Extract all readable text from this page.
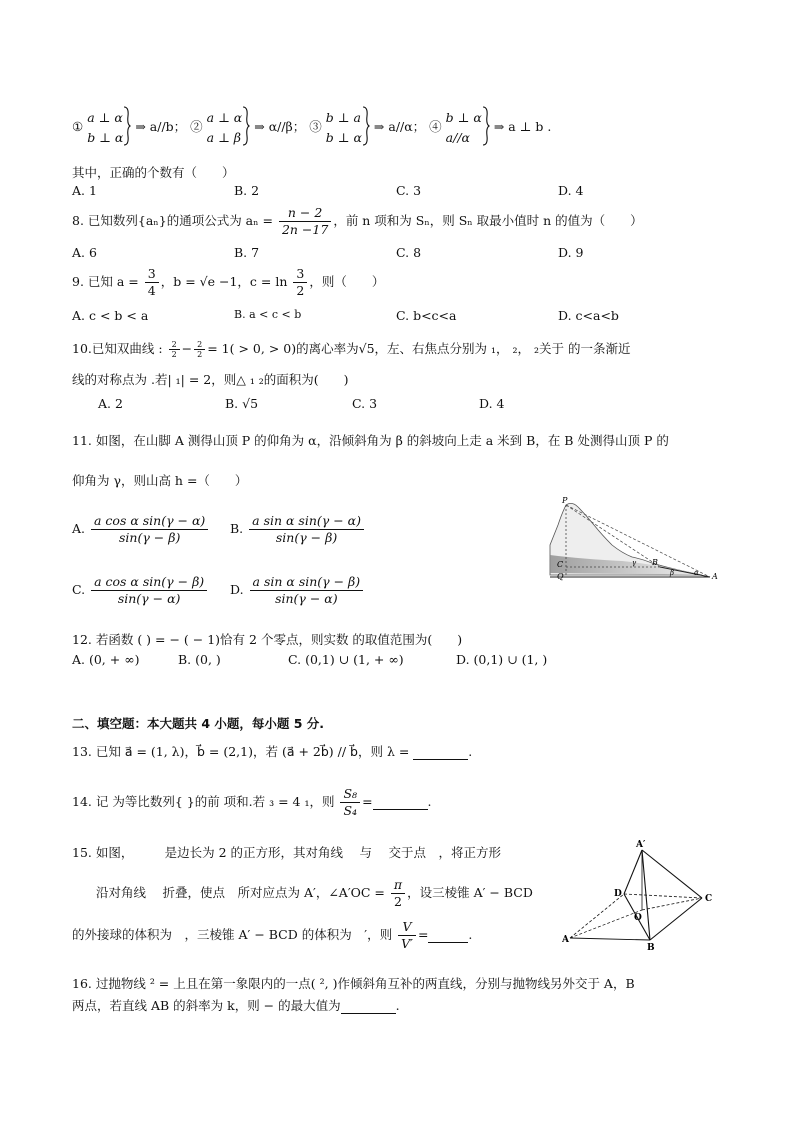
①
a ⊥ α
b ⊥ α
⇒ a//b； ②
a ⊥ α
a ⊥ β
⇒ α//β； ③
b ⊥ a
b ⊥ α
⇒ a//α； ④
b ⊥ α
a//α
⇒ a ⊥ b .
其中，正确的个数有（　　）
A. 1	B. 2	C. 3	D. 4
8. 已知数列{aₙ}的通项公式为 $a_n = \frac{n - 2}{2n -17}$ ，前 n 项和为 Sₙ，则 Sₙ 取最小值时 n 的值为（　　）
A. 6	B. 7	C. 8	D. 9
9. 已知 $a = \frac{3}{4}$ ，b = √e −1，$c = \ln \frac{3}{2}$ ，则（　　）
A. c < b < a	B. a < c < b	C. b<c<a	D. c<a<b
10.已知双曲线 : $\frac{2}{2} - \frac{2}{2} = 1( > 0$, > 0)的离心率为√5，左、右焦点分别为 ₁， ₂， ₂关于 的一条渐近
线的对称点为 .若| ₁| = 2，则△ ₁ ₂的面积为(　　)
A. 2	B. √5	C. 3	D. 4
11. 如图，在山脚 A 测得山顶 P 的仰角为 α，沿倾斜角为 β 的斜坡向上走 a 米到 B，在 B 处测得山顶 P 的
仰角为 γ，则山高 h =（　　）
A. $\frac{\text{a cos α sin(γ − α)}}{\sin(\gamma - \beta)} B$. $\frac{\text{a sin α sin(γ − α)}}{\sin(\gamma - \beta)}$
C. $\frac{\text{a cos α sin(γ − β)}}{\sin(\gamma - \alpha)} D$. $\frac{\text{a sin α sin(γ − β)}}{\sin(\gamma - \alpha)}$
P
C
Q
B
A
γ
β	α
12. 若函数 ( ) = − ( − 1)恰有 2 个零点，则实数 的取值范围为(　　)
A. (0, + ∞)	B. (0, )	C. (0,1) ∪ (1, + ∞)	D. (0,1) ∪ (1, )
二、填空题：本大题共 4 小题，每小题 5 分.
13. 已知 a⃗ = (1, λ)，b⃗ = (2,1)，若 (a⃗ + 2b⃗) // b⃗，则 λ =	.
14. 记 为等比数列{ }的前 项和.若 ₃ = 4 ₁，则 $\frac{\text{S₈}}{\text{S₄}}$ =	.
15. 如图，　　　是边长为 2 的正方形，其对角线　 与　 交于点　，将正方形
沿对角线　 折叠，使点　所对应点为 A′，∠A′OC = $\frac{\pi}{2}$ ，设三棱锥 A′ − BCD
的外接球的体积为　，三棱锥 A′ − BCD 的体积为　′，则 $\frac{V}{V'}$ =	.
A′
D	C
O
B
A
16. 过抛物线 ² = 上且在第一象限内的一点( ², )作倾斜角互补的两直线，分别与抛物线另外交于 A，B
两点，若直线 AB 的斜率为 k，则 − 的最大值为	.
